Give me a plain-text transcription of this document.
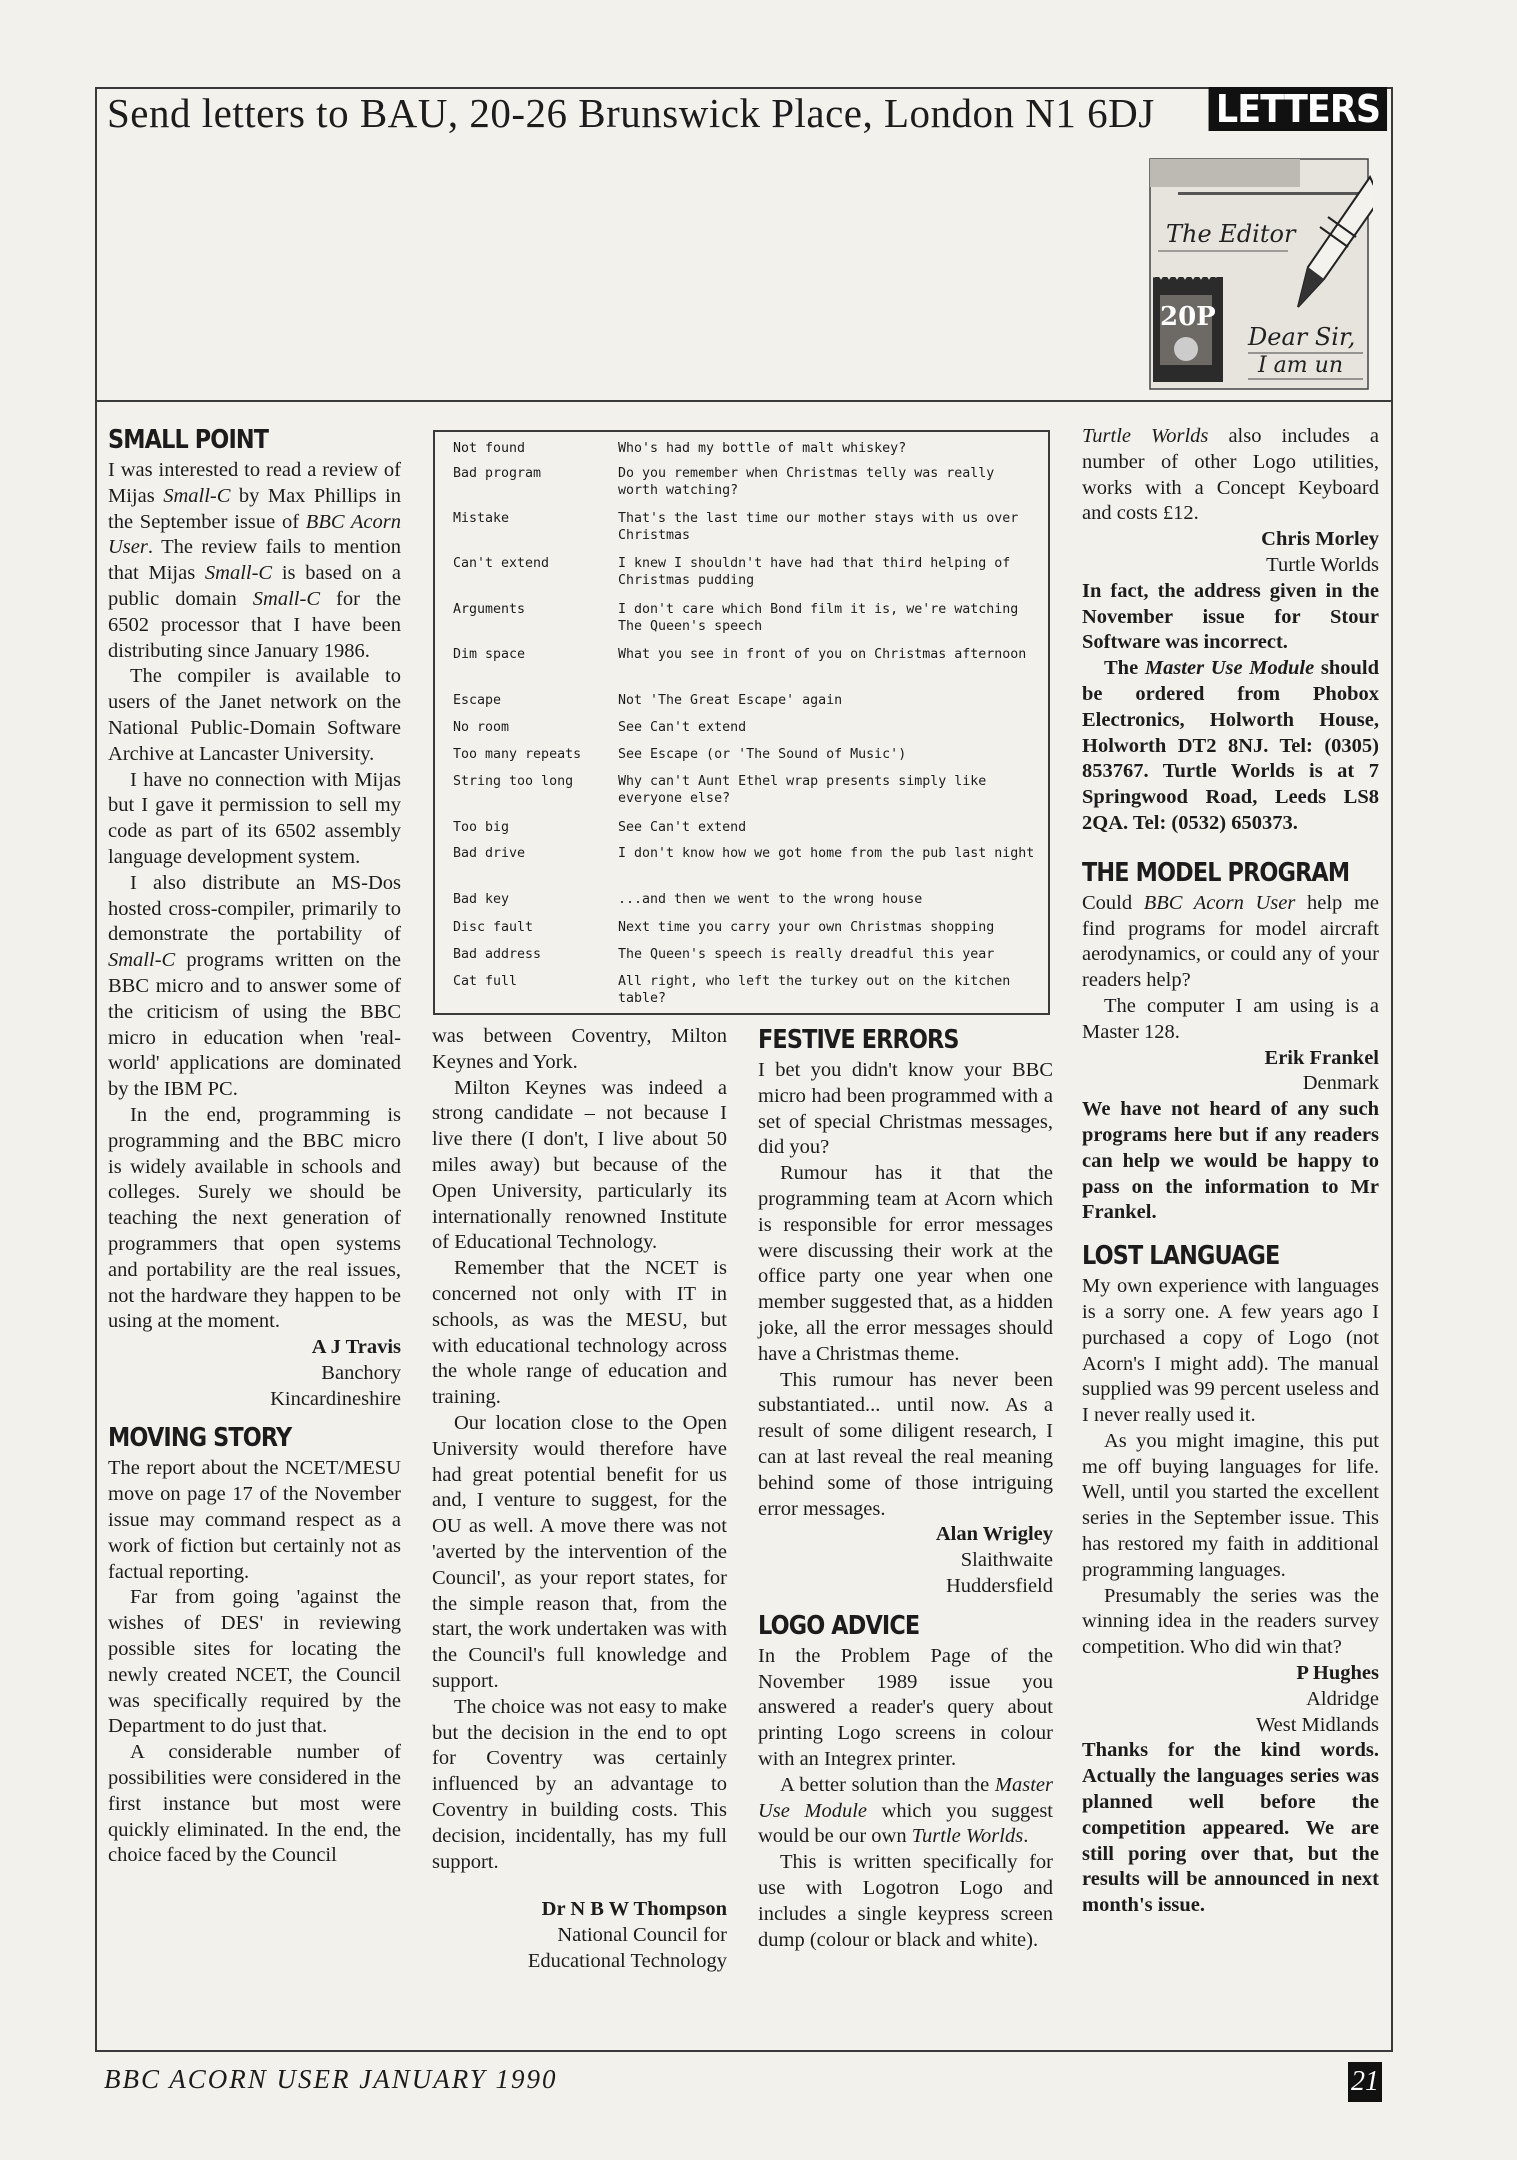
Send letters to BAU, 20-26 Brunswick Place, London N1 6DJ LETTERS
The Editor
20P
Dear Sir,
I am un
Not found	Who's had my bottle of malt whiskey?
Bad program	Do you remember when Christmas telly was really worth watching?
Mistake	That's the last time our mother stays with us over Christmas
Can't extend	I knew I shouldn't have had that third helping of Christmas pudding
Arguments	I don't care which Bond film it is, we're watching The Queen's speech
Dim space	What you see in front of you on Christmas afternoon
Escape	Not 'The Great Escape' again
No room	See Can't extend
Too many repeats	See Escape (or 'The Sound of Music')
String too long	Why can't Aunt Ethel wrap presents simply like everyone else?
Too big	See Can't extend
Bad drive	I don't know how we got home from the pub last night
Bad key	...and then we went to the wrong house
Disc fault	Next time you carry your own Christmas shopping
Bad address	The Queen's speech is really dreadful this year
Cat full	All right, who left the turkey out on the kitchen table?
SMALL POINT

I was interested to read a review of Mijas Small-C by Max Phillips in the September issue of BBC Acorn User. The review fails to mention that Mijas Small-C is based on a public domain Small-C for the 6502 processor that I have been distributing since January 1986.

The compiler is available to users of the Janet network on the National Public-Domain Software Archive at Lancaster University.

I have no connection with Mijas but I gave it permission to sell my code as part of its 6502 assembly language development system.

I also distribute an MS-Dos hosted cross-compiler, primarily to demonstrate the portability of Small-C programs written on the BBC micro and to answer some of the criticism of using the BBC micro in education when 'real-world' applications are dominated by the IBM PC.

In the end, programming is programming and the BBC micro is widely available in schools and colleges. Surely we should be teaching the next generation of programmers that open systems and portability are the real issues, not the hardware they happen to be using at the moment.

A J Travis
Banchory
Kincardineshire
MOVING STORY

The report about the NCET/MESU move on page 17 of the November issue may command respect as a work of fiction but certainly not as factual reporting.

Far from going 'against the wishes of DES' in reviewing possible sites for locating the newly created NCET, the Council was specifically required by the Department to do just that.

A considerable number of possibilities were considered in the first instance but most were quickly eliminated. In the end, the choice faced by the Council

was between Coventry, Milton Keynes and York.

Milton Keynes was indeed a strong candidate – not because I live there (I don't, I live about 50 miles away) but because of the Open University, particularly its internationally renowned Institute of Educational Technology.

Remember that the NCET is concerned not only with IT in schools, as was the MESU, but with educational technology across the whole range of education and training.

Our location close to the Open University would therefore have had great potential benefit for us and, I venture to suggest, for the OU as well. A move there was not 'averted by the intervention of the Council', as your report states, for the simple reason that, from the start, the work undertaken was with the Council's full knowledge and support.

The choice was not easy to make but the decision in the end to opt for Coventry was certainly influenced by an advantage to Coventry in building costs. This decision, incidentally, has my full support.

Dr N B W Thompson
National Council for
Educational Technology
FESTIVE ERRORS

I bet you didn't know your BBC micro had been programmed with a set of special Christmas messages, did you?

Rumour has it that the programming team at Acorn which is responsible for error messages were discussing their work at the office party one year when one member suggested that, as a hidden joke, all the error messages should have a Christmas theme.

This rumour has never been substantiated... until now. As a result of some diligent research, I can at last reveal the real meaning behind some of those intriguing error messages.

Alan Wrigley
Slaithwaite
Huddersfield
LOGO ADVICE

In the Problem Page of the November 1989 issue you answered a reader's query about printing Logo screens in colour with an Integrex printer.

A better solution than the Master Use Module which you suggest would be our own Turtle Worlds.

This is written specifically for use with Logotron Logo and includes a single keypress screen dump (colour or black and white).

Turtle Worlds also includes a number of other Logo utilities, works with a Concept Keyboard and costs £12.

Chris Morley
Turtle Worlds

In fact, the address given in the November issue for Stour Software was incorrect.

The Master Use Module should be ordered from Phobox Electronics, Holworth House, Holworth DT2 8NJ. Tel: (0305) 853767. Turtle Worlds is at 7 Springwood Road, Leeds LS8 2QA. Tel: (0532) 650373.

THE MODEL PROGRAM

Could BBC Acorn User help me find programs for model aircraft aerodynamics, or could any of your readers help?

The computer I am using is a Master 128.

Erik Frankel
Denmark

We have not heard of any such programs here but if any readers can help we would be happy to pass on the information to Mr Frankel.

LOST LANGUAGE

My own experience with languages is a sorry one. A few years ago I purchased a copy of Logo (not Acorn's I might add). The manual supplied was 99 percent useless and I never really used it.

As you might imagine, this put me off buying languages for life. Well, until you started the excellent series in the September issue. This has restored my faith in additional programming languages.

Presumably the series was the winning idea in the readers survey competition. Who did win that?

P Hughes
Aldridge
West Midlands

Thanks for the kind words. Actually the languages series was planned well before the competition appeared. We are still poring over that, but the results will be announced in next month's issue.

BBC ACORN USER JANUARY 1990	21
